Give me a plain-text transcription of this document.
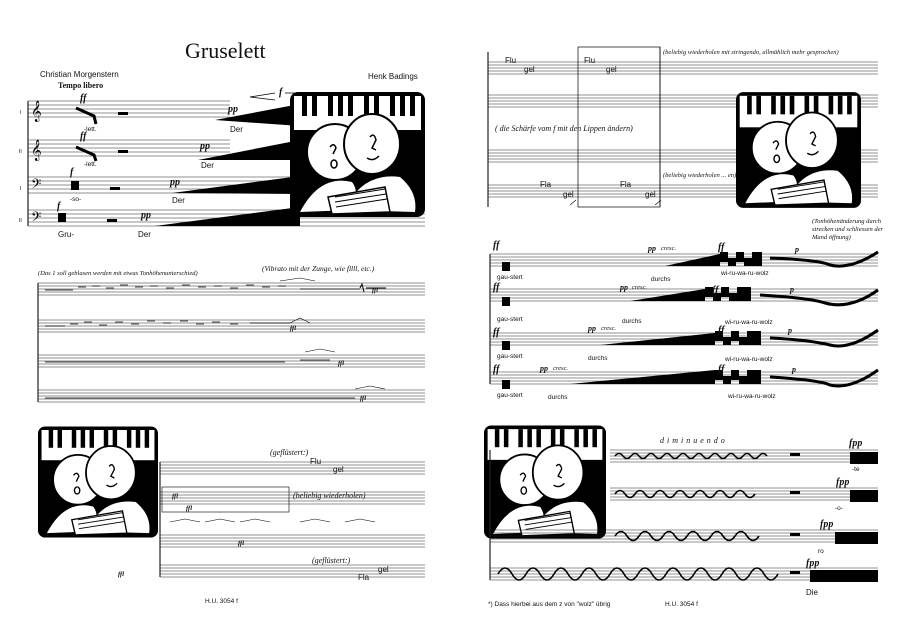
Gruselett
Christian Morgenstern
Tempo libero
Henk Badings
𝄞
𝄞
𝄢
𝄢
I
II
I
II
ff
ff
f
f
pp
pp
pp
pp
f
-lett.
-lett.
-so-
Gru-
Der
Der
Der
Der
(Das 1 soll geblasen werden mit etwas Tonhöhenunterschied)
(Vibrato mit der Zunge, wie fllll, etc.)
ffl
ffl
ffl
ffl
(geflüstert:)
Flu
gel
(beliebig wiederholen)
(geflüstert:)
Fla
gel
ffl
ffl
ffl
ffl
H.U. 3054 f
Flu
gel
Flu
gel
(beliebig wiederholen mit stringendo, allmählich mehr gesprochen)
( die Schärfe vom f mit den Lippen ändern)
Fla
gel
Fla
gel
(beliebig wiederholen ... en)
(Tonhöhenänderung durch strecken und schliessen der Mund öffnung)
ff
gau-stert
pp cresc.
durchs
ff
wi-ru-wa-ru-wolz
p
ff
gau-stert
pp cresc.
durchs
ff
wi-ru-wa-ru-wolz
p
ff
gau-stert
pp cresc.
durchs
ff
wi-ru-wa-ru-wolz
p
ff
gau-stert
pp cresc.
durchs
ff
wi-ru-wa-ru-wolz
p
diminuendo	fpp
fpp
fpp
fpp
-te
-o-
ro
Die
*) Dass hierbei aus dem z von "wolz" übrig	H.U. 3054 f
